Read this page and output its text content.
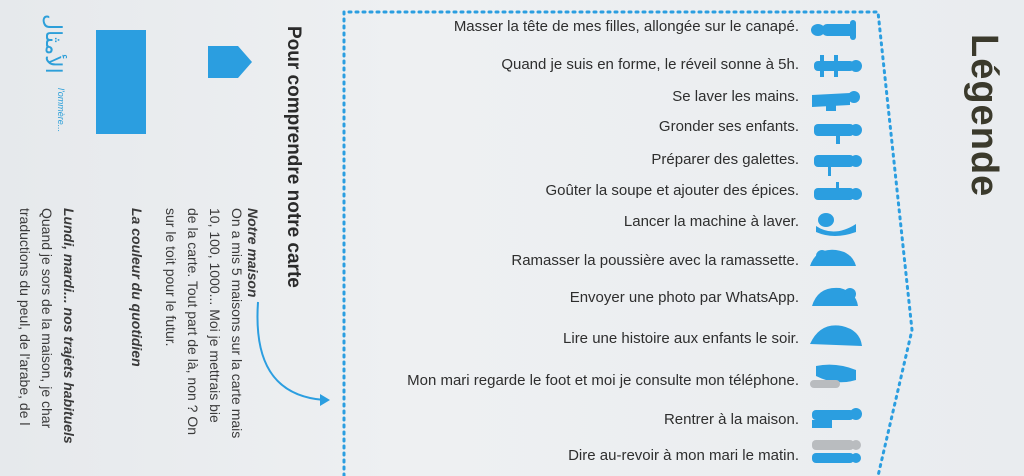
الأمثال
l'ommère...	Pour comprendre notre carte
Notre maison
On a mis 5 maisons sur la carte mais
10, 100, 1000... Moi je mettrais bie
de la carte. Tout part de là, non ? On
sur le toit pour le futur.
La couleur du quotidien
Lundi, mardi... nos trajets habituels
Quand je sors de la maison, je char
traductions du peul, de l'arabe, de l
Légende
Masser la tête de mes filles, allongée sur le canapé.
Quand je suis en forme, le réveil sonne à 5h.
Se laver les mains.
Gronder ses enfants.
Préparer des galettes.
Goûter la soupe et ajouter des épices.
Lancer la machine à laver.
Ramasser la poussière avec la ramassette.
Envoyer une photo par WhatsApp.
Lire une histoire aux enfants le soir.
Mon mari regarde le foot et moi je consulte mon téléphone.
Rentrer à la maison.
Dire au-revoir à mon mari le matin.
